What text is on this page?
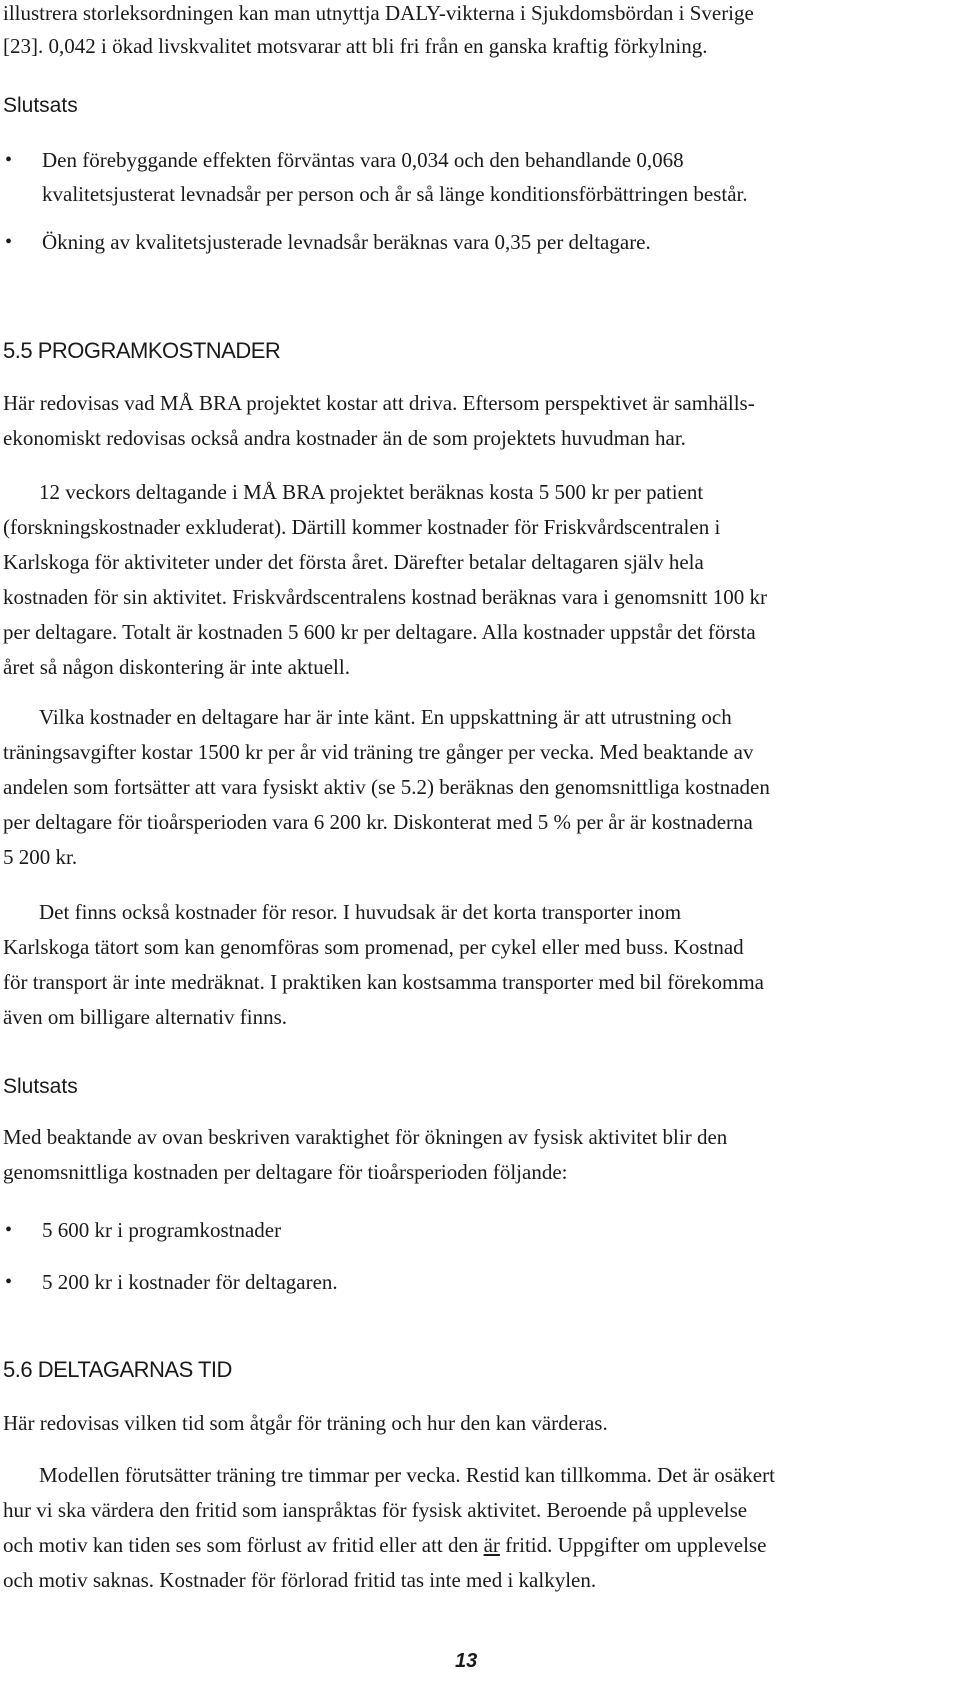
illustrera storleksordningen kan man utnyttja DALY-vikterna i Sjukdomsbördan i Sverige
[23]. 0,042 i ökad livskvalitet motsvarar att bli fri från en ganska kraftig förkylning.
Slutsats
• Den förebyggande effekten förväntas vara 0,034 och den behandlande 0,068
kvalitetsjusterat levnadsår per person och år så länge konditionsförbättringen består.
• Ökning av kvalitetsjusterade levnadsår beräknas vara 0,35 per deltagare.
5.5 PROGRAMKOSTNADER
Här redovisas vad MÅ BRA projektet kostar att driva. Eftersom perspektivet är samhälls-
ekonomiskt redovisas också andra kostnader än de som projektets huvudman har.
12 veckors deltagande i MÅ BRA projektet beräknas kosta 5 500 kr per patient
(forskningskostnader exkluderat). Därtill kommer kostnader för Friskvårdscentralen i
Karlskoga för aktiviteter under det första året. Därefter betalar deltagaren själv hela
kostnaden för sin aktivitet. Friskvårdscentralens kostnad beräknas vara i genomsnitt 100 kr
per deltagare. Totalt är kostnaden 5 600 kr per deltagare. Alla kostnader uppstår det första
året så någon diskontering är inte aktuell.
Vilka kostnader en deltagare har är inte känt. En uppskattning är att utrustning och
träningsavgifter kostar 1500 kr per år vid träning tre gånger per vecka. Med beaktande av
andelen som fortsätter att vara fysiskt aktiv (se 5.2) beräknas den genomsnittliga kostnaden
per deltagare för tioårsperioden vara 6 200 kr. Diskonterat med 5 % per år är kostnaderna
5 200 kr.
Det finns också kostnader för resor. I huvudsak är det korta transporter inom
Karlskoga tätort som kan genomföras som promenad, per cykel eller med buss. Kostnad
för transport är inte medräknat. I praktiken kan kostsamma transporter med bil förekomma
även om billigare alternativ finns.
Slutsats
Med beaktande av ovan beskriven varaktighet för ökningen av fysisk aktivitet blir den
genomsnittliga kostnaden per deltagare för tioårsperioden följande:
• 5 600 kr i programkostnader
• 5 200 kr i kostnader för deltagaren.
5.6 DELTAGARNAS TID
Här redovisas vilken tid som åtgår för träning och hur den kan värderas.
Modellen förutsätter träning tre timmar per vecka. Restid kan tillkomma. Det är osäkert
hur vi ska värdera den fritid som ianspråktas för fysisk aktivitet. Beroende på upplevelse
och motiv kan tiden ses som förlust av fritid eller att den är fritid. Uppgifter om upplevelse
och motiv saknas. Kostnader för förlorad fritid tas inte med i kalkylen.
13
